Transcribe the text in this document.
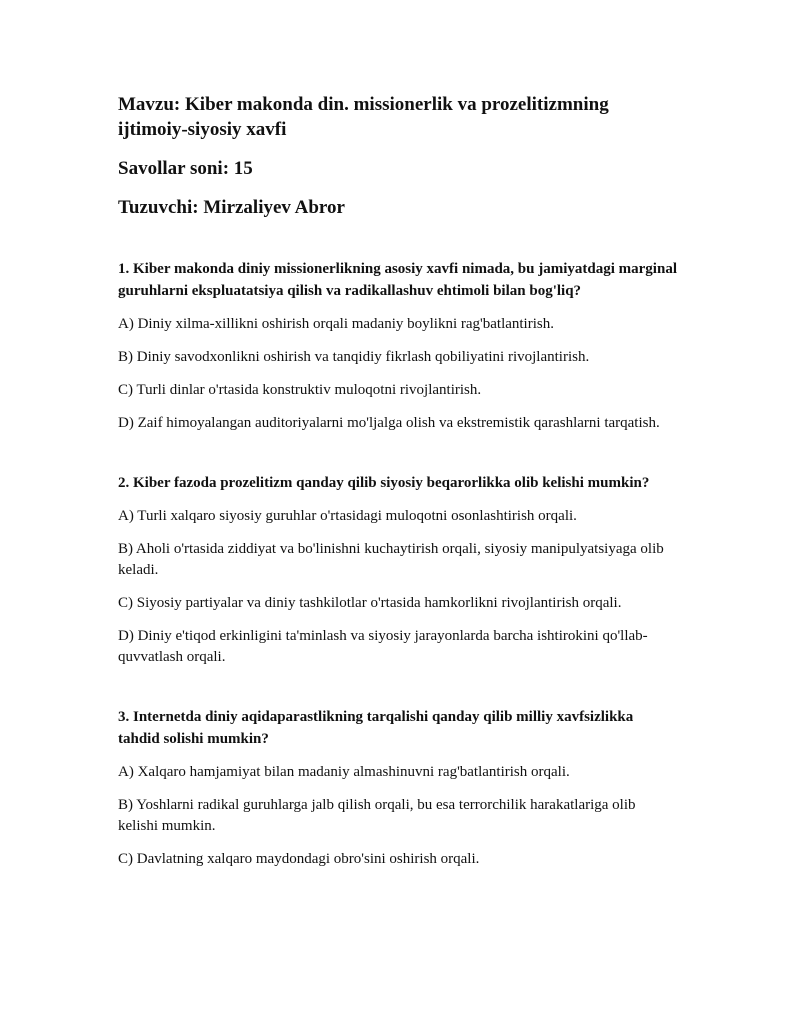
Mavzu: Kiber makonda din. missionerlik va prozelitizmning ijtimoiy-siyosiy xavfi

Savollar soni: 15

Tuzuvchi: Mirzaliyev Abror

1. Kiber makonda diniy missionerlikning asosiy xavfi nimada, bu jamiyatdagi marginal guruhlarni ekspluatatsiya qilish va radikallashuv ehtimoli bilan bog'liq?

A) Diniy xilma-xillikni oshirish orqali madaniy boylikni rag'batlantirish.

B) Diniy savodxonlikni oshirish va tanqidiy fikrlash qobiliyatini rivojlantirish.

C) Turli dinlar o'rtasida konstruktiv muloqotni rivojlantirish.

D) Zaif himoyalangan auditoriyalarni mo'ljalga olish va ekstremistik qarashlarni tarqatish.

2. Kiber fazoda prozelitizm qanday qilib siyosiy beqarorlikka olib kelishi mumkin?

A) Turli xalqaro siyosiy guruhlar o'rtasidagi muloqotni osonlashtirish orqali.

B) Aholi o'rtasida ziddiyat va bo'linishni kuchaytirish orqali, siyosiy manipulyatsiyaga olib keladi.

C) Siyosiy partiyalar va diniy tashkilotlar o'rtasida hamkorlikni rivojlantirish orqali.

D) Diniy e'tiqod erkinligini ta'minlash va siyosiy jarayonlarda barcha ishtirokini qo'llab-quvvatlash orqali.

3. Internetda diniy aqidaparastlikning tarqalishi qanday qilib milliy xavfsizlikka tahdid solishi mumkin?

A) Xalqaro hamjamiyat bilan madaniy almashinuvni rag'batlantirish orqali.

B) Yoshlarni radikal guruhlarga jalb qilish orqali, bu esa terrorchilik harakatlariga olib kelishi mumkin.

C) Davlatning xalqaro maydondagi obro'sini oshirish orqali.
